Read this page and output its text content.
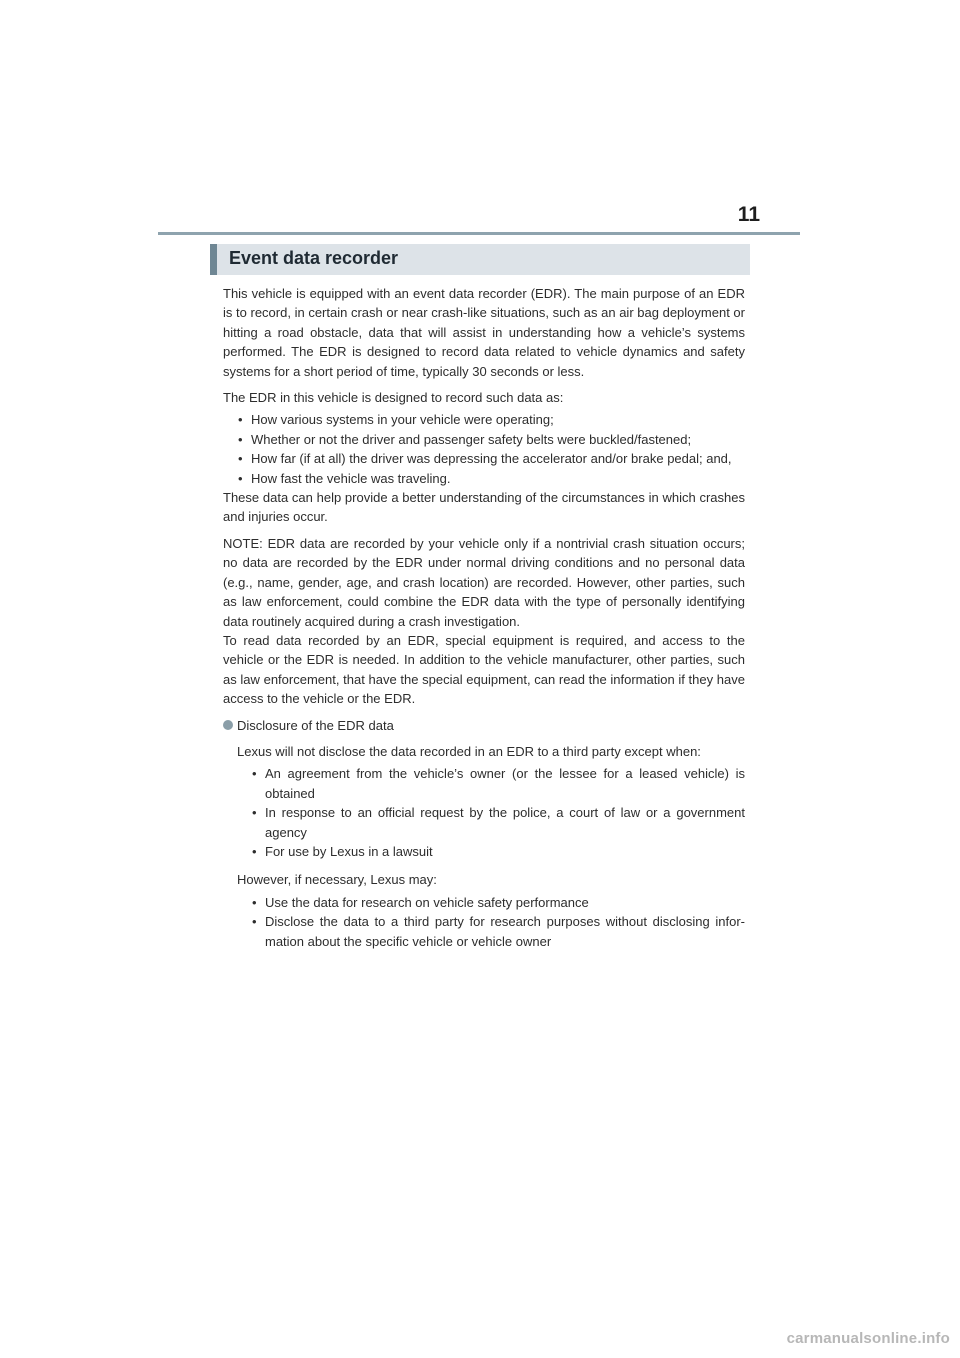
11
Event data recorder

This vehicle is equipped with an event data recorder (EDR). The main purpose of an EDR is to record, in certain crash or near crash-like situations, such as an air bag deployment or hitting a road obstacle, data that will assist in understanding how a vehicle’s systems performed. The EDR is designed to record data related to vehicle dynamics and safety systems for a short period of time, typically 30 seconds or less.

The EDR in this vehicle is designed to record such data as:

• How various systems in your vehicle were operating;
• Whether or not the driver and passenger safety belts were buckled/fastened;
• How far (if at all) the driver was depressing the accelerator and/or brake pedal; and,
• How fast the vehicle was traveling.

These data can help provide a better understanding of the circumstances in which crashes and injuries occur.

NOTE: EDR data are recorded by your vehicle only if a nontrivial crash situation occurs; no data are recorded by the EDR under normal driving conditions and no personal data (e.g., name, gender, age, and crash location) are recorded. However, other parties, such as law enforcement, could combine the EDR data with the type of personally identifying data routinely acquired during a crash investigation.

To read data recorded by an EDR, special equipment is required, and access to the vehicle or the EDR is needed. In addition to the vehicle manufacturer, other parties, such as law enforcement, that have the special equipment, can read the information if they have access to the vehicle or the EDR.

Disclosure of the EDR data

Lexus will not disclose the data recorded in an EDR to a third party except when:

• An agreement from the vehicle’s owner (or the lessee for a leased vehicle) is obtained
• In response to an official request by the police, a court of law or a government agency
• For use by Lexus in a lawsuit

However, if necessary, Lexus may:

• Use the data for research on vehicle safety performance
• Disclose the data to a third party for research purposes without disclosing infor-mation about the specific vehicle or vehicle owner
carmanualsonline.info
